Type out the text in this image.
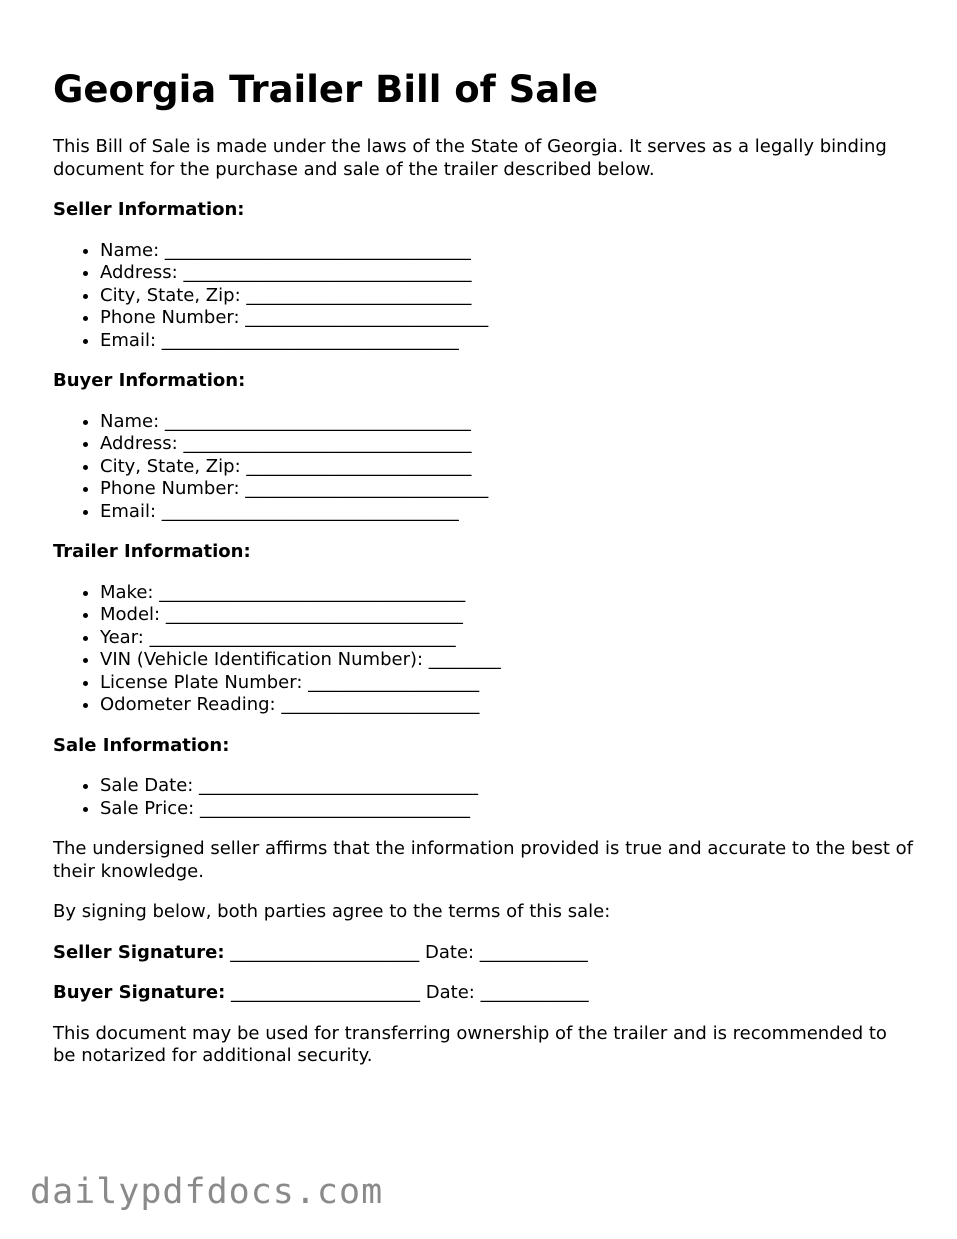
Georgia Trailer Bill of Sale

This Bill of Sale is made under the laws of the State of Georgia. It serves as a legally binding document for the purchase and sale of the trailer described below.

Seller Information:
• Name: __________________________________
• Address: ________________________________
• City, State, Zip: _________________________
• Phone Number: ___________________________
• Email: _________________________________
Buyer Information:
• Name: __________________________________
• Address: ________________________________
• City, State, Zip: _________________________
• Phone Number: ___________________________
• Email: _________________________________
Trailer Information:
• Make: __________________________________
• Model: _________________________________
• Year: __________________________________
• VIN (Vehicle Identification Number): ________
• License Plate Number: ___________________
• Odometer Reading: ______________________
Sale Information:
• Sale Date: _______________________________
• Sale Price: ______________________________

The undersigned seller affirms that the information provided is true and accurate to the best of their knowledge.

By signing below, both parties agree to the terms of this sale:

Seller Signature: _____________________ Date: ____________
Buyer Signature: _____________________ Date: ____________

This document may be used for transferring ownership of the trailer and is recommended to be notarized for additional security.

dailypdfdocs.com
